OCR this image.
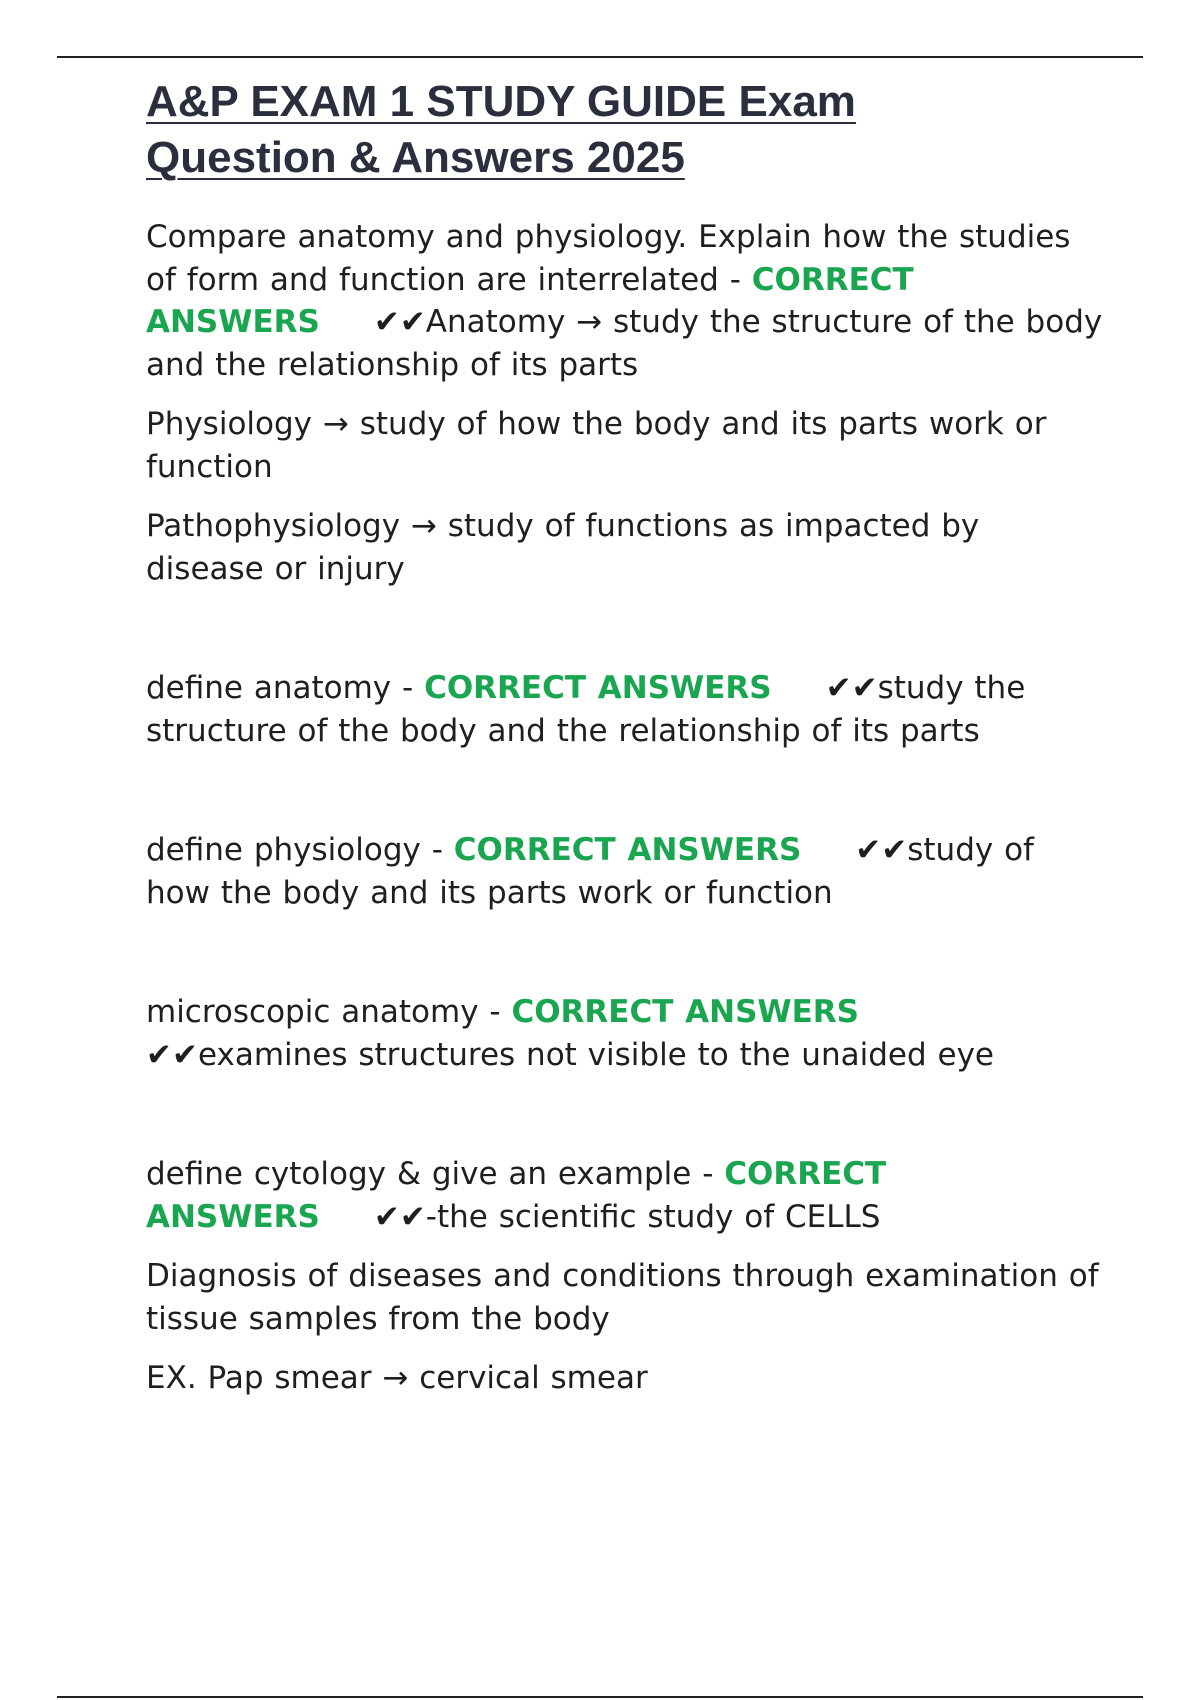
A&P EXAM 1 STUDY GUIDE Exam
Question & Answers 2025

Compare anatomy and physiology. Explain how the studies of form and function are interrelated - CORRECT
ANSWERS ✔✔Anatomy → study the structure of the body and the relationship of its parts

Physiology → study of how the body and its parts work or function

Pathophysiology → study of functions as impacted by disease or injury

define anatomy - CORRECT ANSWERS ✔✔study the structure of the body and the relationship of its parts

define physiology - CORRECT ANSWERS ✔✔study of how the body and its parts work or function

microscopic anatomy - CORRECT ANSWERS
✔✔examines structures not visible to the unaided eye

define cytology & give an example - CORRECT
ANSWERS ✔✔-the scientific study of CELLS

Diagnosis of diseases and conditions through examination of tissue samples from the body

EX. Pap smear → cervical smear
